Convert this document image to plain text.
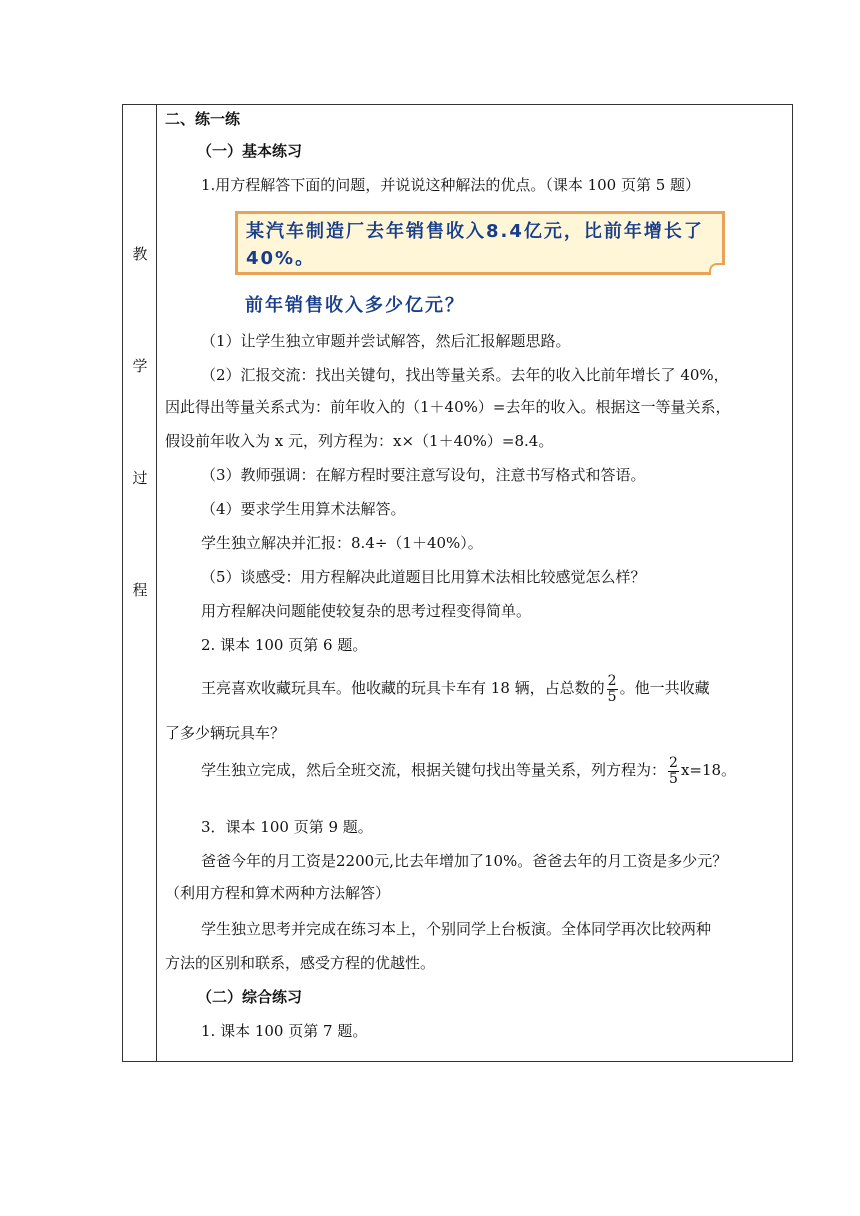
教
学
过
程
二、练一练
（一）基本练习
1.用方程解答下面的问题，并说说这种解法的优点。（课本 100 页第 5 题）
某汽车制造厂去年销售收入8.4亿元，比前年增长了40%。
前年销售收入多少亿元？
（1）让学生独立审题并尝试解答，然后汇报解题思路。
（2）汇报交流：找出关键句，找出等量关系。去年的收入比前年增长了 40%，
因此得出等量关系式为：前年收入的（1＋40%）=去年的收入。根据这一等量关系，
假设前年收入为 x 元，列方程为：x×（1＋40%）=8.4。
（3）教师强调：在解方程时要注意写设句，注意书写格式和答语。
（4）要求学生用算术法解答。
学生独立解决并汇报：8.4÷（1＋40%）。
（5）谈感受：用方程解决此道题目比用算术法相比较感觉怎么样？
用方程解决问题能使较复杂的思考过程变得简单。
2. 课本 100 页第 6 题。
王亮喜欢收藏玩具车。他收藏的玩具卡车有 18 辆，占总数的 $\frac{2}{5}$ 。他一共收藏
了多少辆玩具车？
学生独立完成，然后全班交流，根据关键句找出等量关系，列方程为： $\frac{2}{5} x=18$。
3．课本 100 页第 9 题。
爸爸今年的月工资是2200元,比去年增加了10%。爸爸去年的月工资是多少元？
（利用方程和算术两种方法解答）
学生独立思考并完成在练习本上，个别同学上台板演。全体同学再次比较两种
方法的区别和联系，感受方程的优越性。
（二）综合练习
1. 课本 100 页第 7 题。
